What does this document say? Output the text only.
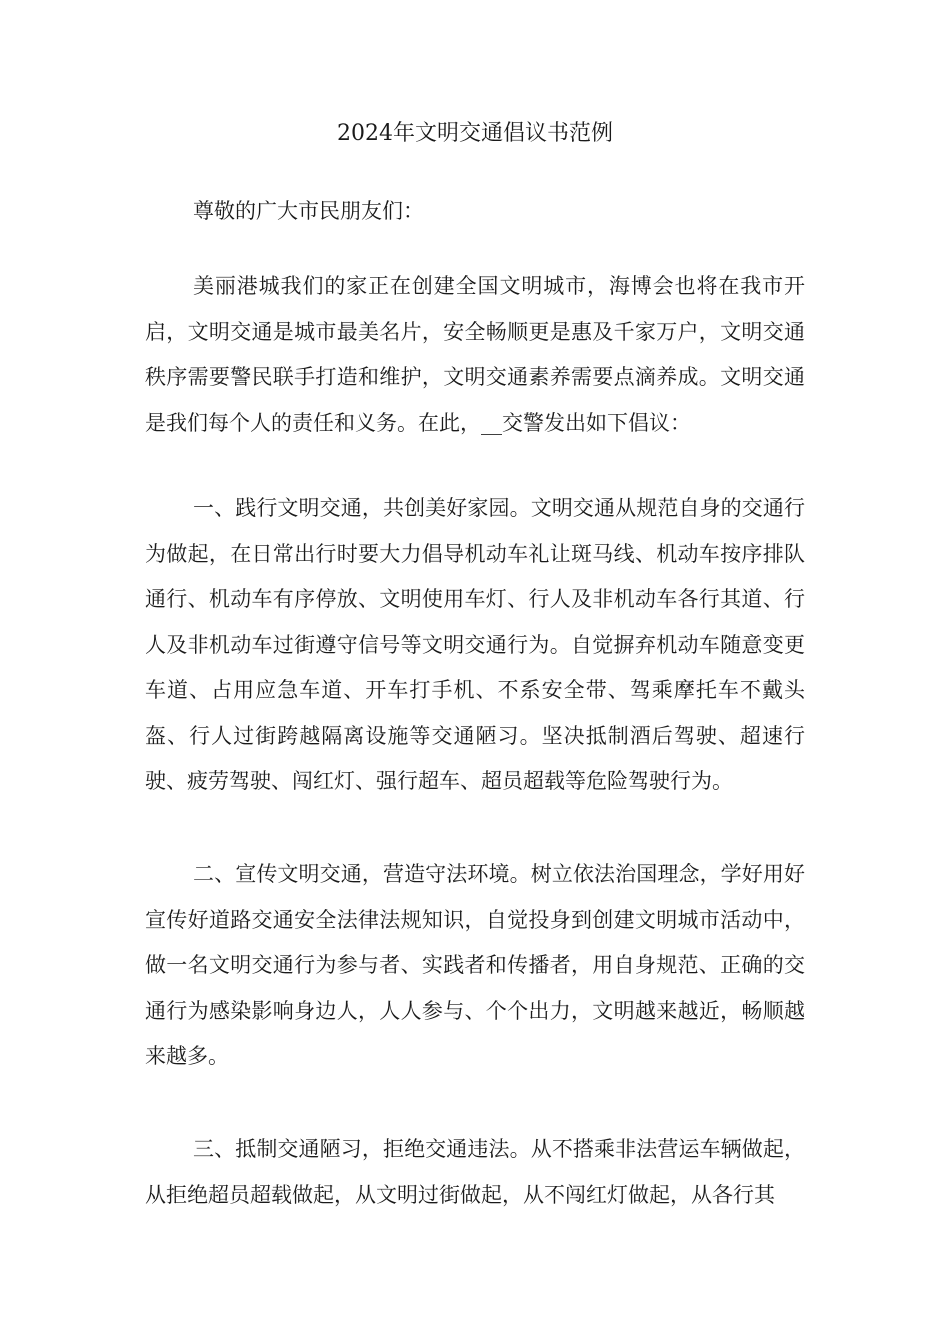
2024年文明交通倡议书范例

尊敬的广大市民朋友们：

美丽港城我们的家正在创建全国文明城市，海博会也将在我市开启，文明交通是城市最美名片，安全畅顺更是惠及千家万户，文明交通秩序需要警民联手打造和维护，文明交通素养需要点滴养成。文明交通是我们每个人的责任和义务。在此，__交警发出如下倡议：

一、践行文明交通，共创美好家园。文明交通从规范自身的交通行为做起，在日常出行时要大力倡导机动车礼让斑马线、机动车按序排队通行、机动车有序停放、文明使用车灯、行人及非机动车各行其道、行人及非机动车过街遵守信号等文明交通行为。自觉摒弃机动车随意变更车道、占用应急车道、开车打手机、不系安全带、驾乘摩托车不戴头盔、行人过街跨越隔离设施等交通陋习。坚决抵制酒后驾驶、超速行驶、疲劳驾驶、闯红灯、强行超车、超员超载等危险驾驶行为。

二、宣传文明交通，营造守法环境。树立依法治国理念，学好用好宣传好道路交通安全法律法规知识，自觉投身到创建文明城市活动中，做一名文明交通行为参与者、实践者和传播者，用自身规范、正确的交通行为感染影响身边人，人人参与、个个出力，文明越来越近，畅顺越来越多。

三、抵制交通陋习，拒绝交通违法。从不搭乘非法营运车辆做起，从拒绝超员超载做起，从文明过街做起，从不闯红灯做起，从各行其
